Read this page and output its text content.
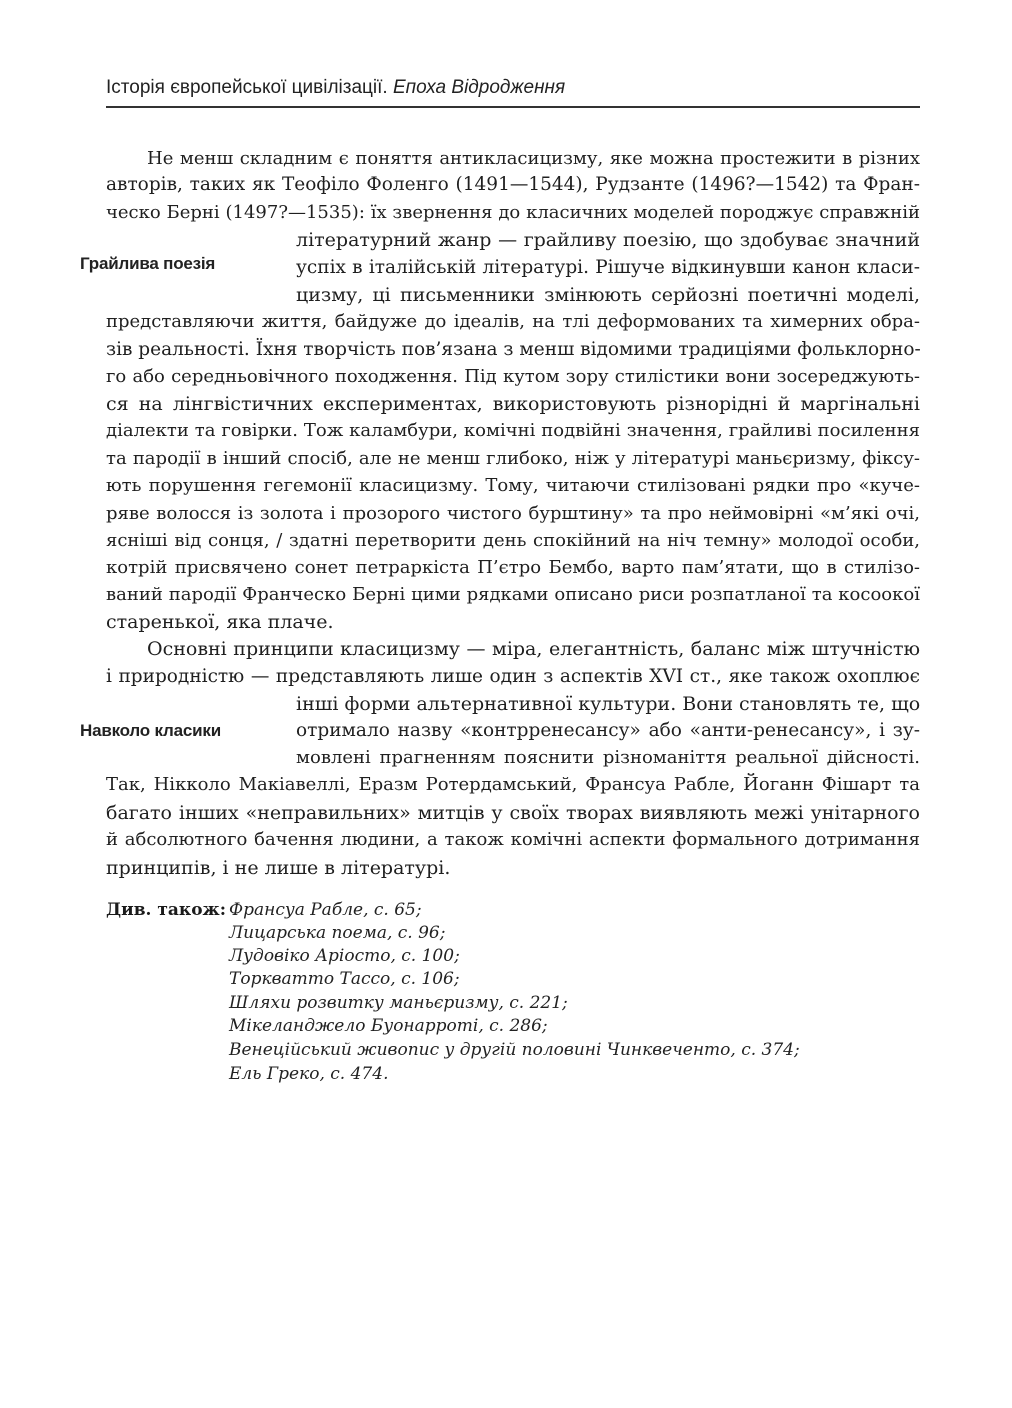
Історія європейської цивілізації. Епоха Відродження
Не менш складним є поняття антикласицизму, яке можна простежити в різних
авторів, таких як Теофіло Фоленго (1491—1544), Рудзанте (1496?—1542) та Фран-
ческо Берні (1497?—1535): їх звернення до класичних моделей породжує справжній
літературний жанр — грайливу поезію, що здобуває значний
успіх в італійській літературі. Рішуче відкинувши канон класи-
цизму, ці письменники змінюють серйозні поетичні моделі,
представляючи життя, байдуже до ідеалів, на тлі деформованих та химерних обра-
зів реальності. Їхня творчість пов’язана з менш відомими традиціями фольклорно-
го або середньовічного походження. Під кутом зору стилістики вони зосереджують-
ся на лінгвістичних експериментах, використовують різнорідні й маргінальні
діалекти та говірки. Тож каламбури, комічні подвійні значення, грайливі посилення
та пародії в інший спосіб, але не менш глибоко, ніж у літературі маньєризму, фіксу-
ють порушення гегемонії класицизму. Тому, читаючи стилізовані рядки про «куче-
ряве волосся із золота і прозорого чистого бурштину» та про неймовірні «м’які очі,
ясніші від сонця, / здатні перетворити день спокійний на ніч темну» молодої особи,
котрій присвячено сонет петраркіста П’єтро Бембо, варто пам’ятати, що в стилізо-
ваний пародії Франческо Берні цими рядками описано риси розпатланої та косоокої
старенької, яка плаче.
Основні принципи класицизму — міра, елегантність, баланс між штучністю
і природністю — представляють лише один з аспектів XVI ст., яке також охоплює
інші форми альтернативної культури. Вони становлять те, що
отримало назву «контрренесансу» або «анти-ренесансу», і зу-
мовлені прагненням пояснити різноманіття реальної дійсності.
Так, Нікколо Макіавеллі, Еразм Ротердамський, Франсуа Рабле, Йоганн Фішарт та
багато інших «неправильних» митців у своїх творах виявляють межі унітарного
й абсолютного бачення людини, а також комічні аспекти формального дотримання
принципів, і не лише в літературі.
Грайлива поезія
Навколо класики
Див. також: Франсуа Рабле, с. 65;
Лицарська поема, с. 96;
Лудовіко Аріосто, с. 100;
Торкватто Тассо, с. 106;
Шляхи розвитку маньєризму, с. 221;
Мікеланджело Буонарроті, с. 286;
Венеційський живопис у другій половині Чинквеченто, с. 374;
Ель Греко, с. 474.
